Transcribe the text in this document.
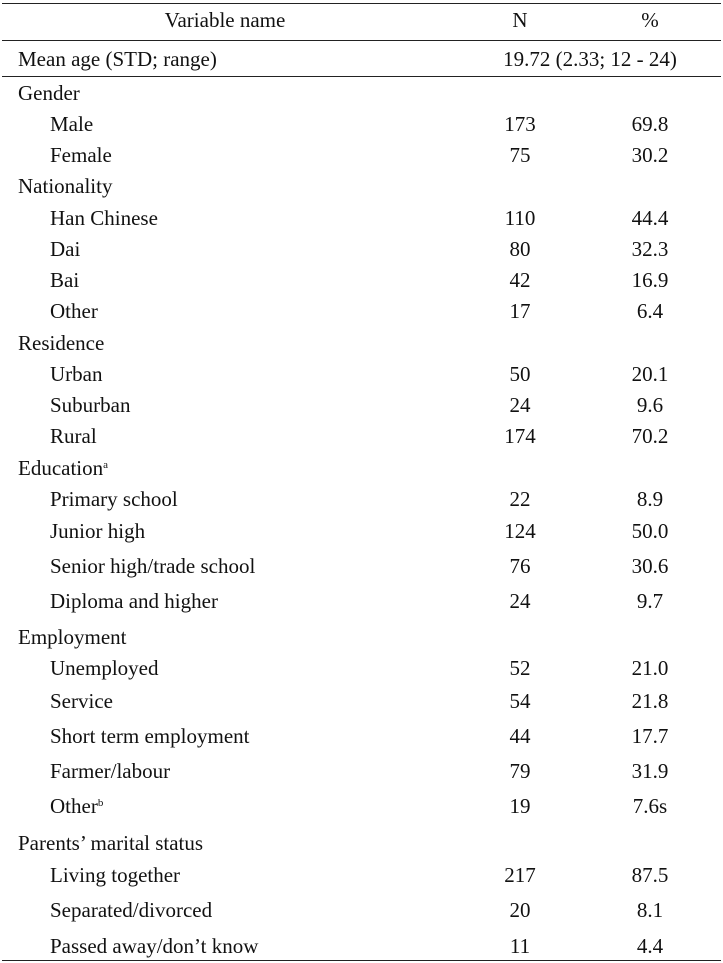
Variable name	N	%
Mean age (STD; range)	19.72 (2.33; 12 - 24)
Gender
Male	173	69.8
Female	75	30.2
Nationality
Han Chinese	110	44.4
Dai	80	32.3
Bai	42	16.9
Other	17	6.4
Residence
Urban	50	20.1
Suburban	24	9.6
Rural	174	70.2
Education$^a$
Primary school	22	8.9
Junior high	124	50.0
Senior high/trade school	76	30.6
Diploma and higher	24	9.7
Employment
Unemployed	52	21.0
Service	54	21.8
Short term employment	44	17.7
Farmer/labour	79	31.9
Other$^b$	19	7.6s
Parents’ marital status
Living together	217	87.5
Separated/divorced	20	8.1
Passed away/don’t know	11	4.4
